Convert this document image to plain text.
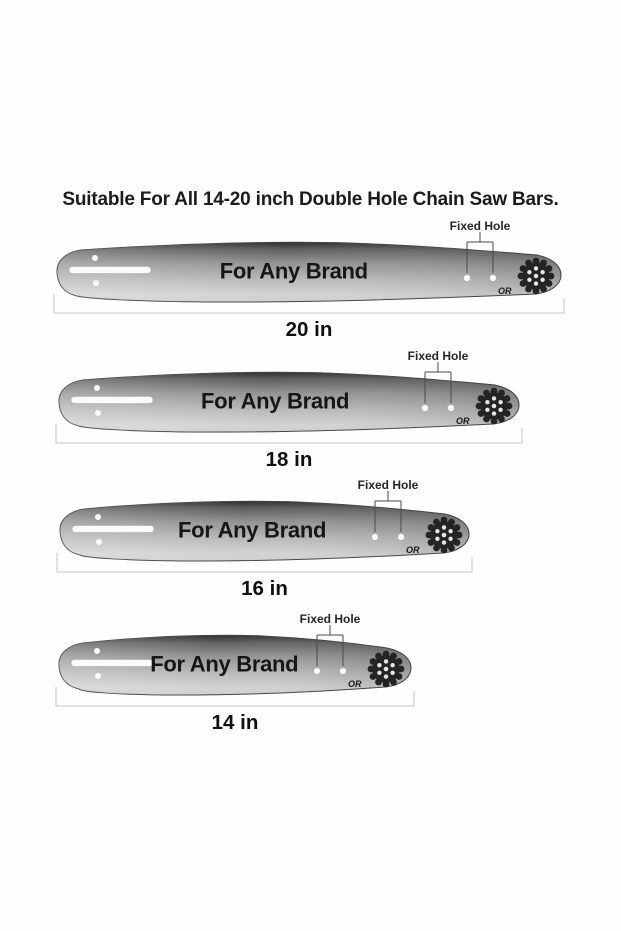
Suitable For All 14-20 inch Double Hole Chain Saw Bars.
For Any Brand
Fixed Hole
OR
20 in
For Any Brand
Fixed Hole
OR
18 in
For Any Brand
Fixed Hole
OR
16 in
For Any Brand
Fixed Hole
OR
14 in
